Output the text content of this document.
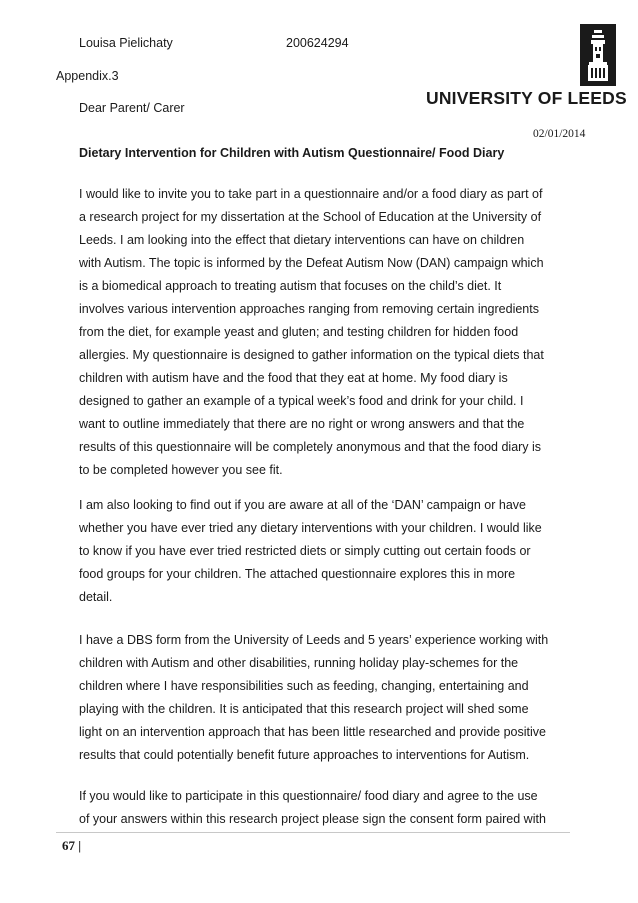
Louisa Pielichaty	200624294
Appendix.3
Dear Parent/ Carer	UNIVERSITY OF LEEDS
02/01/2014
Dietary Intervention for Children with Autism Questionnaire/ Food Diary

I would like to invite you to take part in a questionnaire and/or a food diary as part of
a research project for my dissertation at the School of Education at the University of
Leeds. I am looking into the effect that dietary interventions can have on children
with Autism. The topic is informed by the Defeat Autism Now (DAN) campaign which
is a biomedical approach to treating autism that focuses on the child’s diet. It
involves various intervention approaches ranging from removing certain ingredients
from the diet, for example yeast and gluten; and testing children for hidden food
allergies. My questionnaire is designed to gather information on the typical diets that
children with autism have and the food that they eat at home. My food diary is
designed to gather an example of a typical week’s food and drink for your child. I
want to outline immediately that there are no right or wrong answers and that the
results of this questionnaire will be completely anonymous and that the food diary is
to be completed however you see fit.

I am also looking to find out if you are aware at all of the ‘DAN’ campaign or have
whether you have ever tried any dietary interventions with your children. I would like
to know if you have ever tried restricted diets or simply cutting out certain foods or
food groups for your children. The attached questionnaire explores this in more
detail.

I have a DBS form from the University of Leeds and 5 years’ experience working with
children with Autism and other disabilities, running holiday play-schemes for the
children where I have responsibilities such as feeding, changing, entertaining and
playing with the children. It is anticipated that this research project will shed some
light on an intervention approach that has been little researched and provide positive
results that could potentially benefit future approaches to interventions for Autism.

If you would like to participate in this questionnaire/ food diary and agree to the use
of your answers within this research project please sign the consent form paired with

67 |
